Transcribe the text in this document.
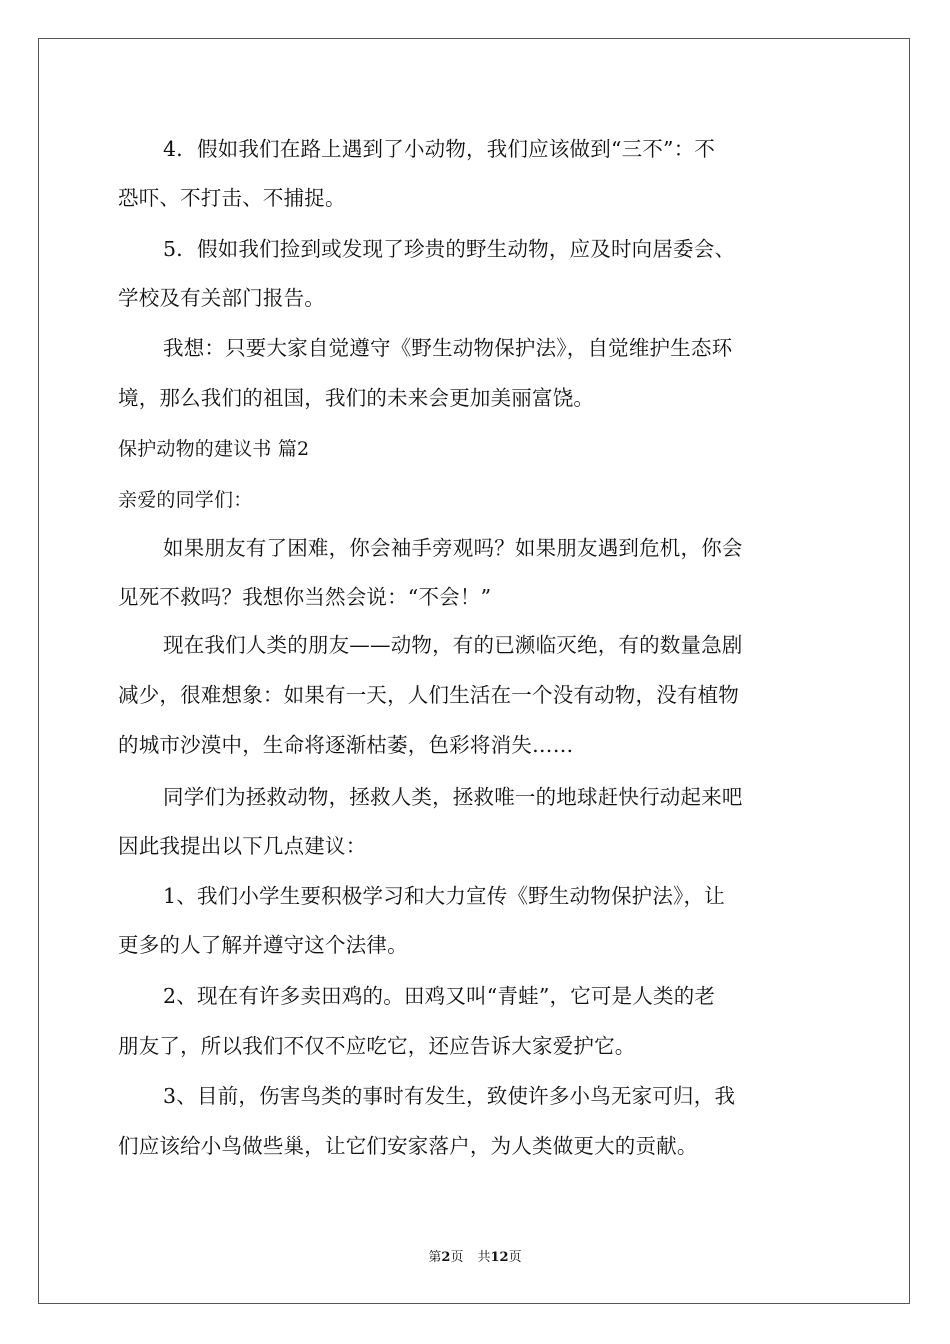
4．假如我们在路上遇到了小动物，我们应该做到“三不”：不
恐吓、不打击、不捕捉。
5．假如我们捡到或发现了珍贵的野生动物，应及时向居委会、
学校及有关部门报告。
我想：只要大家自觉遵守《野生动物保护法》，自觉维护生态环
境，那么我们的祖国，我们的未来会更加美丽富饶。
保护动物的建议书 篇2
亲爱的同学们：
如果朋友有了困难，你会袖手旁观吗？如果朋友遇到危机，你会
见死不救吗？我想你当然会说：“不会！”
现在我们人类的朋友——动物，有的已濒临灭绝，有的数量急剧
减少，很难想象：如果有一天，人们生活在一个没有动物，没有植物
的城市沙漠中，生命将逐渐枯萎，色彩将消失……
同学们为拯救动物，拯救人类，拯救唯一的地球赶快行动起来吧
因此我提出以下几点建议：
1、我们小学生要积极学习和大力宣传《野生动物保护法》，让
更多的人了解并遵守这个法律。
2、现在有许多卖田鸡的。田鸡又叫“青蛙”，它可是人类的老
朋友了，所以我们不仅不应吃它，还应告诉大家爱护它。
3、目前，伤害鸟类的事时有发生，致使许多小鸟无家可归，我
们应该给小鸟做些巢，让它们安家落户，为人类做更大的贡献。
第2页 共12页
